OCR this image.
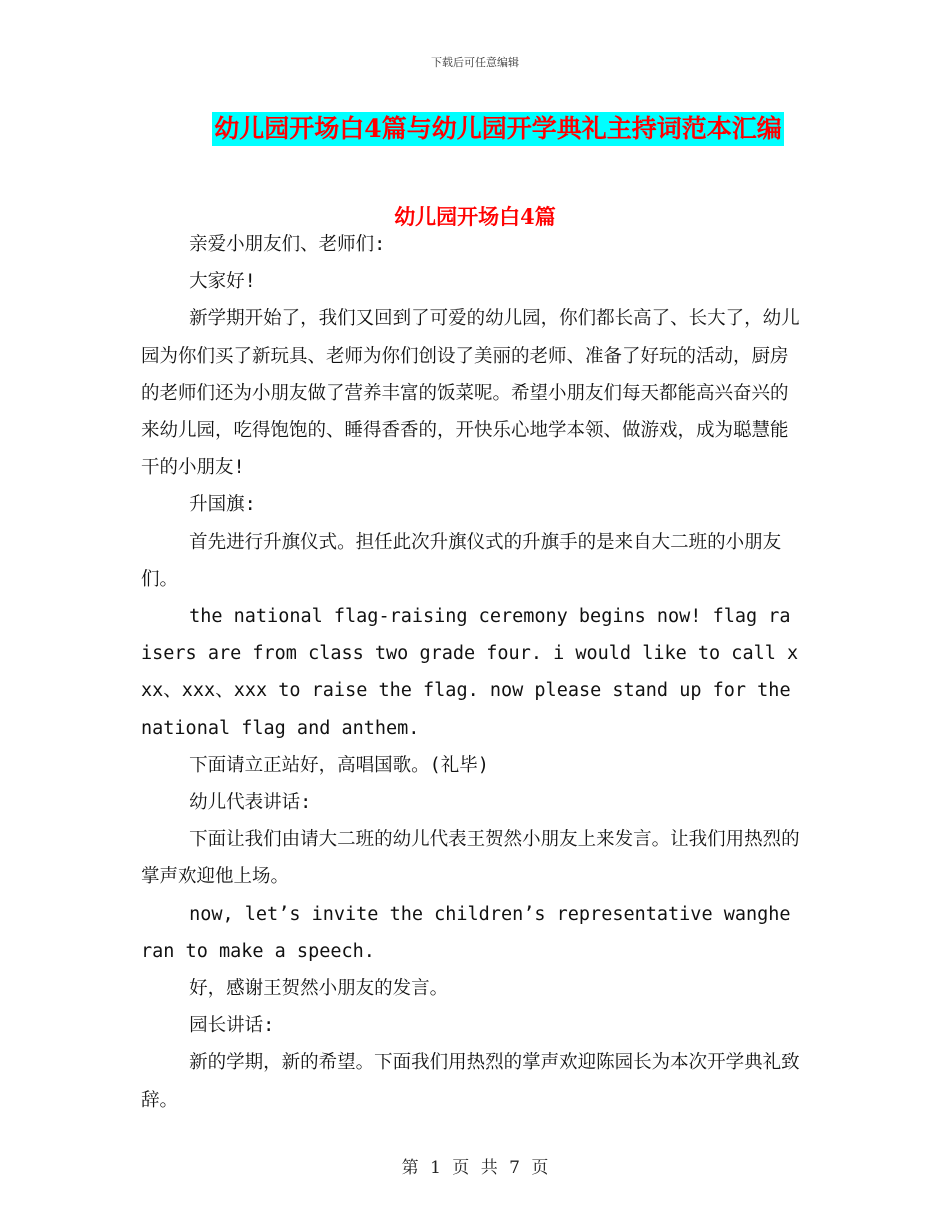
下载后可任意编辑
幼儿园开场白4篇与幼儿园开学典礼主持词范本汇编
幼儿园开场白4篇

亲爱小朋友们、老师们:

大家好!

新学期开始了，我们又回到了可爱的幼儿园，你们都长高了、长大了，幼儿园为你们买了新玩具、老师为你们创设了美丽的老师、准备了好玩的活动，厨房的老师们还为小朋友做了营养丰富的饭菜呢。希望小朋友们每天都能高兴奋兴的来幼儿园，吃得饱饱的、睡得香香的，开快乐心地学本领、做游戏，成为聪慧能干的小朋友!

升国旗:

首先进行升旗仪式。担任此次升旗仪式的升旗手的是来自大二班的小朋友们。

the national flag-raising ceremony begins now! flag raisers are from class two grade four. i would like to call xxx、xxx、xxx to raise the flag. now please stand up for the national flag and anthem.

下面请立正站好，高唱国歌。(礼毕)

幼儿代表讲话:

下面让我们由请大二班的幼儿代表王贺然小朋友上来发言。让我们用热烈的掌声欢迎他上场。

now, let’s invite the children’s representative wangheran to make a speech.

好，感谢王贺然小朋友的发言。

园长讲话:

新的学期，新的希望。下面我们用热烈的掌声欢迎陈园长为本次开学典礼致辞。

第 1 页 共 7 页
